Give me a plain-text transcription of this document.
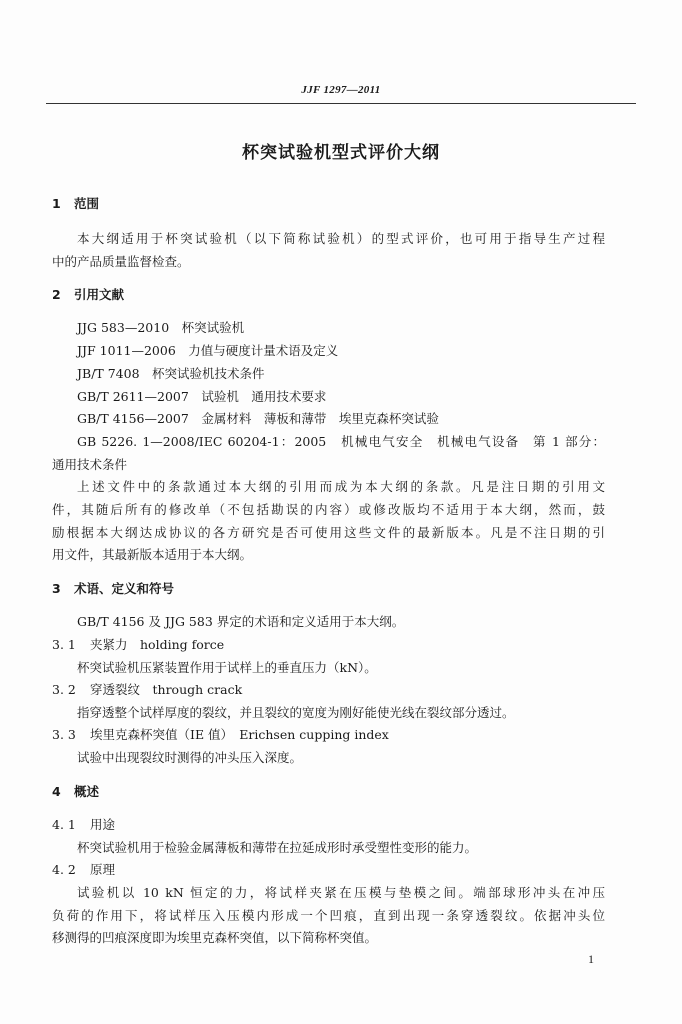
JJF 1297—2011
杯突试验机型式评价大纲
1 范围
本大纲适用于杯突试验机（以下简称试验机）的型式评价，也可用于指导生产过程
中的产品质量监督检查。
2 引用文献
JJG 583—2010　杯突试验机
JJF 1011—2006　力值与硬度计量术语及定义
JB/T 7408　杯突试验机技术条件
GB/T 2611—2007　试验机　通用技术要求
GB/T 4156—2007　金属材料　薄板和薄带　埃里克森杯突试验
GB 5226. 1—2008/IEC 60204-1：2005　机械电气安全　机械电气设备　第 1 部分：
通用技术条件
上述文件中的条款通过本大纲的引用而成为本大纲的条款。凡是注日期的引用文
件，其随后所有的修改单（不包括勘误的内容）或修改版均不适用于本大纲，然而，鼓
励根据本大纲达成协议的各方研究是否可使用这些文件的最新版本。凡是不注日期的引
用文件，其最新版本适用于本大纲。
3 术语、定义和符号
GB/T 4156 及 JJG 583 界定的术语和定义适用于本大纲。
3. 1 夹紧力　holding force
杯突试验机压紧装置作用于试样上的垂直压力（kN）。
3. 2 穿透裂纹　through crack
指穿透整个试样厚度的裂纹，并且裂纹的宽度为刚好能使光线在裂纹部分透过。
3. 3 埃里克森杯突值（IE 值）　Erichsen cupping index
试验中出现裂纹时测得的冲头压入深度。
4 概述
4. 1 用途
杯突试验机用于检验金属薄板和薄带在拉延成形时承受塑性变形的能力。
4. 2 原理
试验机以 10 kN 恒定的力，将试样夹紧在压模与垫模之间。端部球形冲头在冲压
负荷的作用下，将试样压入压模内形成一个凹痕，直到出现一条穿透裂纹。依据冲头位
移测得的凹痕深度即为埃里克森杯突值，以下简称杯突值。
1
